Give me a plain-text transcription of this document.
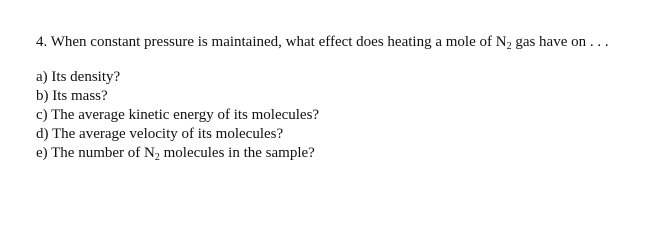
4. When constant pressure is maintained, what effect does heating a mole of $N_2$ gas have on . . .

a) Its density?
b) Its mass?
c) The average kinetic energy of its molecules?
d) The average velocity of its molecules?
e) The number of $N_2$ molecules in the sample?
